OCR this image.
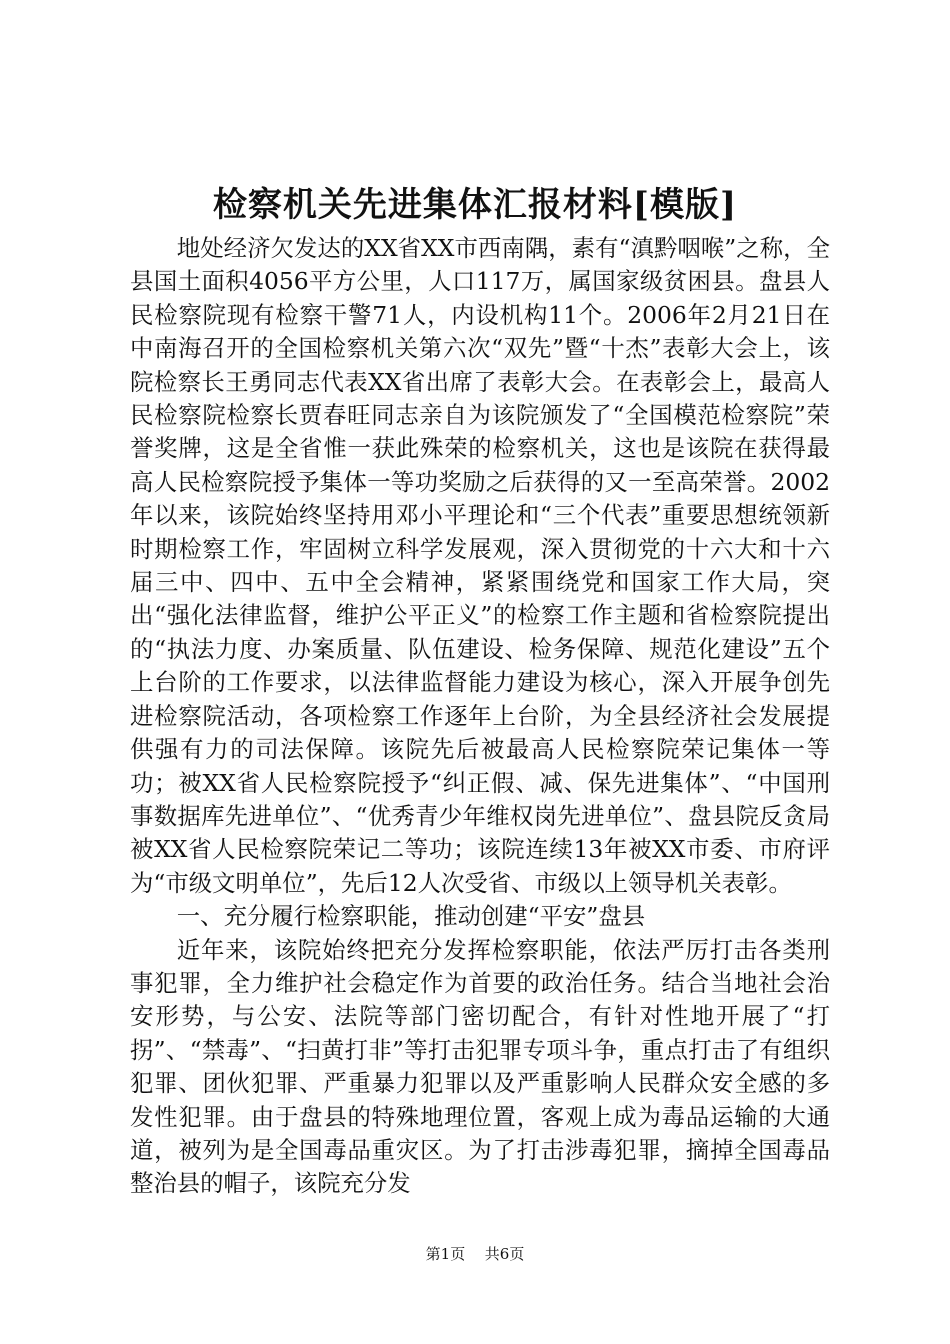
检察机关先进集体汇报材料[模版]

地处经济欠发达的XX省XX市西南隅，素有“滇黔咽喉”之称，全县国土面积4056平方公里，人口117万，属国家级贫困县。盘县人民检察院现有检察干警71人，内设机构11个。2006年2月21日在中南海召开的全国检察机关第六次“双先”暨“十杰”表彰大会上，该院检察长王勇同志代表XX省出席了表彰大会。在表彰会上，最高人民检察院检察长贾春旺同志亲自为该院颁发了“全国模范检察院”荣誉奖牌，这是全省惟一获此殊荣的检察机关，这也是该院在获得最高人民检察院授予集体一等功奖励之后获得的又一至高荣誉。2002年以来，该院始终坚持用邓小平理论和“三个代表”重要思想统领新时期检察工作，牢固树立科学发展观，深入贯彻党的十六大和十六届三中、四中、五中全会精神，紧紧围绕党和国家工作大局，突出“强化法律监督，维护公平正义”的检察工作主题和省检察院提出的“执法力度、办案质量、队伍建设、检务保障、规范化建设”五个上台阶的工作要求，以法律监督能力建设为核心，深入开展争创先进检察院活动，各项检察工作逐年上台阶，为全县经济社会发展提供强有力的司法保障。该院先后被最高人民检察院荣记集体一等功；被XX省人民检察院授予“纠正假、减、保先进集体”、“中国刑事数据库先进单位”、“优秀青少年维权岗先进单位”、盘县院反贪局被XX省人民检察院荣记二等功；该院连续13年被XX市委、市府评为“市级文明单位”，先后12人次受省、市级以上领导机关表彰。

一、充分履行检察职能，推动创建“平安”盘县

近年来，该院始终把充分发挥检察职能，依法严厉打击各类刑事犯罪，全力维护社会稳定作为首要的政治任务。结合当地社会治安形势，与公安、法院等部门密切配合，有针对性地开展了“打拐”、“禁毒”、“扫黄打非”等打击犯罪专项斗争，重点打击了有组织犯罪、团伙犯罪、严重暴力犯罪以及严重影响人民群众安全感的多发性犯罪。由于盘县的特殊地理位置，客观上成为毒品运输的大通道，被列为是全国毒品重灾区。为了打击涉毒犯罪，摘掉全国毒品整治县的帽子，该院充分发

第1页 共6页
